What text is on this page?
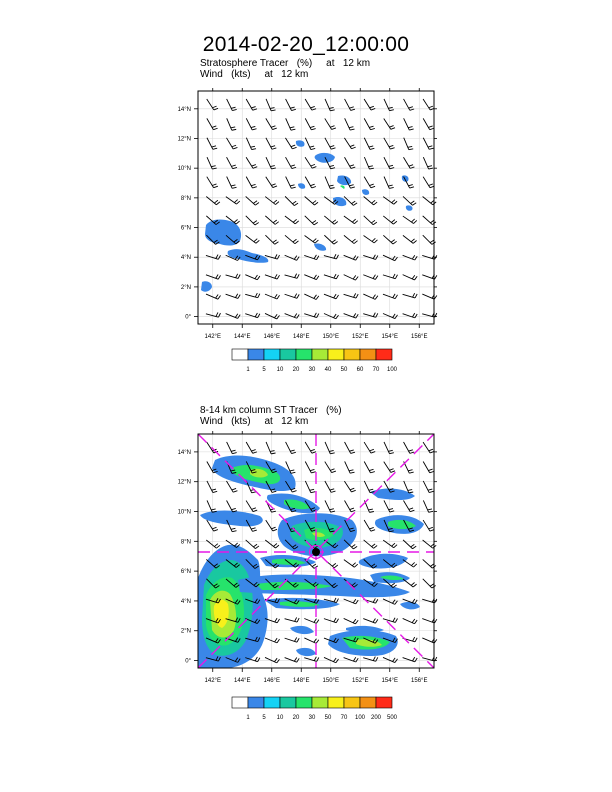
2014-02-20_12:00:00
Stratosphere Tracer   (%)     at   12 km
Wind   (kts)     at   12 km
8-14 km column ST Tracer   (%)
Wind   (kts)     at   12 km
142°E 144°E 146°E 148°E 150°E 152°E 154°E 156°E
14°N
12°N
10°N
8°N
6°N
4°N
2°N
0°
142°E 144°E 146°E 148°E 150°E 152°E 154°E 156°E
14°N
12°N
10°N
8°N
6°N
4°N
2°N
0°
1 5 10 20 30 40 50 60 70 100
1 5 10 20 30 50 70 100 200 500
